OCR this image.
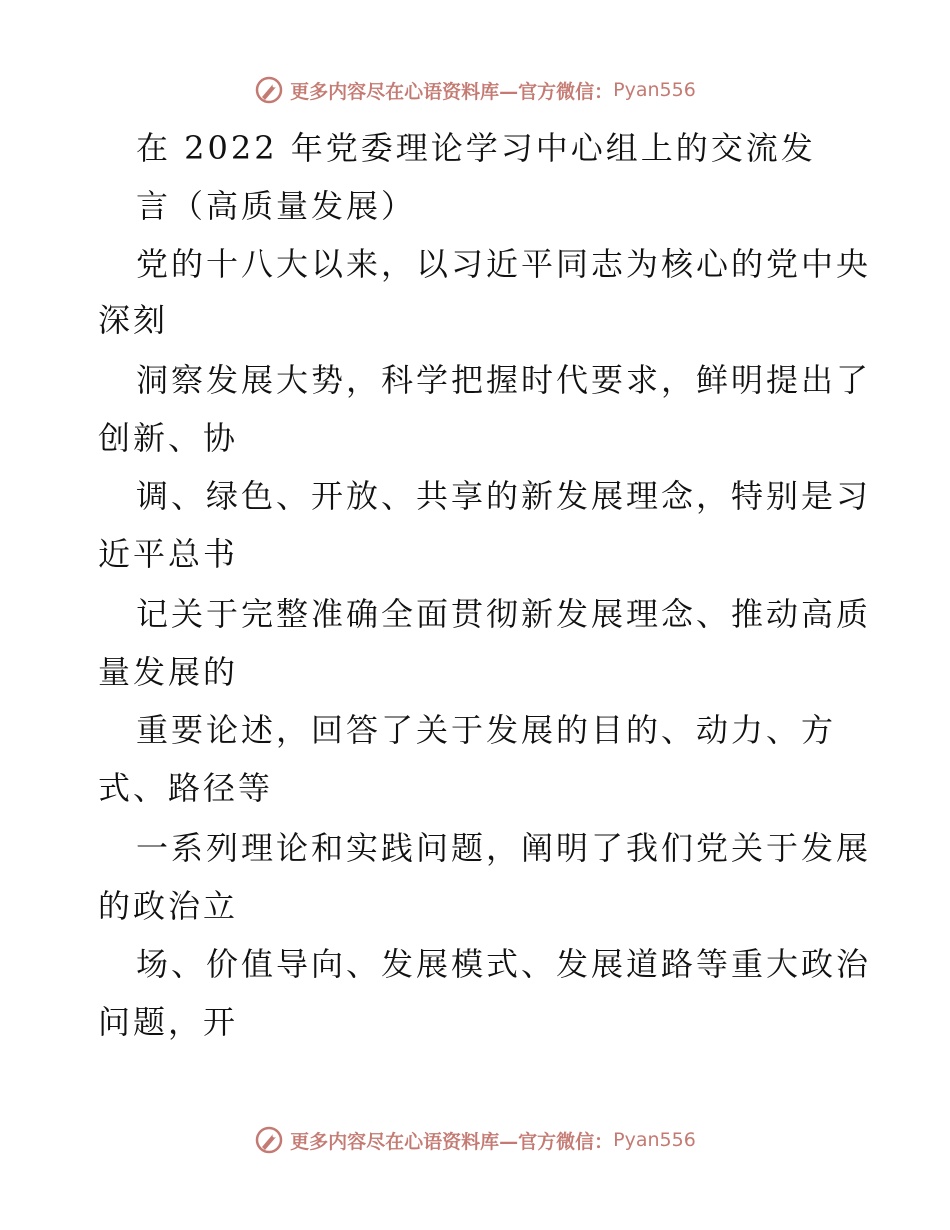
更多内容尽在心语资料库—官方微信： Pyan556
在 2022 年党委理论学习中心组上的交流发
言（高质量发展）
党的十八大以来，以习近平同志为核心的党中央
深刻
洞察发展大势，科学把握时代要求，鲜明提出了
创新、协
调、绿色、开放、共享的新发展理念，特别是习
近平总书
记关于完整准确全面贯彻新发展理念、推动高质
量发展的
重要论述，回答了关于发展的目的、动力、方
式、路径等
一系列理论和实践问题，阐明了我们党关于发展
的政治立
场、价值导向、发展模式、发展道路等重大政治
问题，开
更多内容尽在心语资料库—官方微信： Pyan556
